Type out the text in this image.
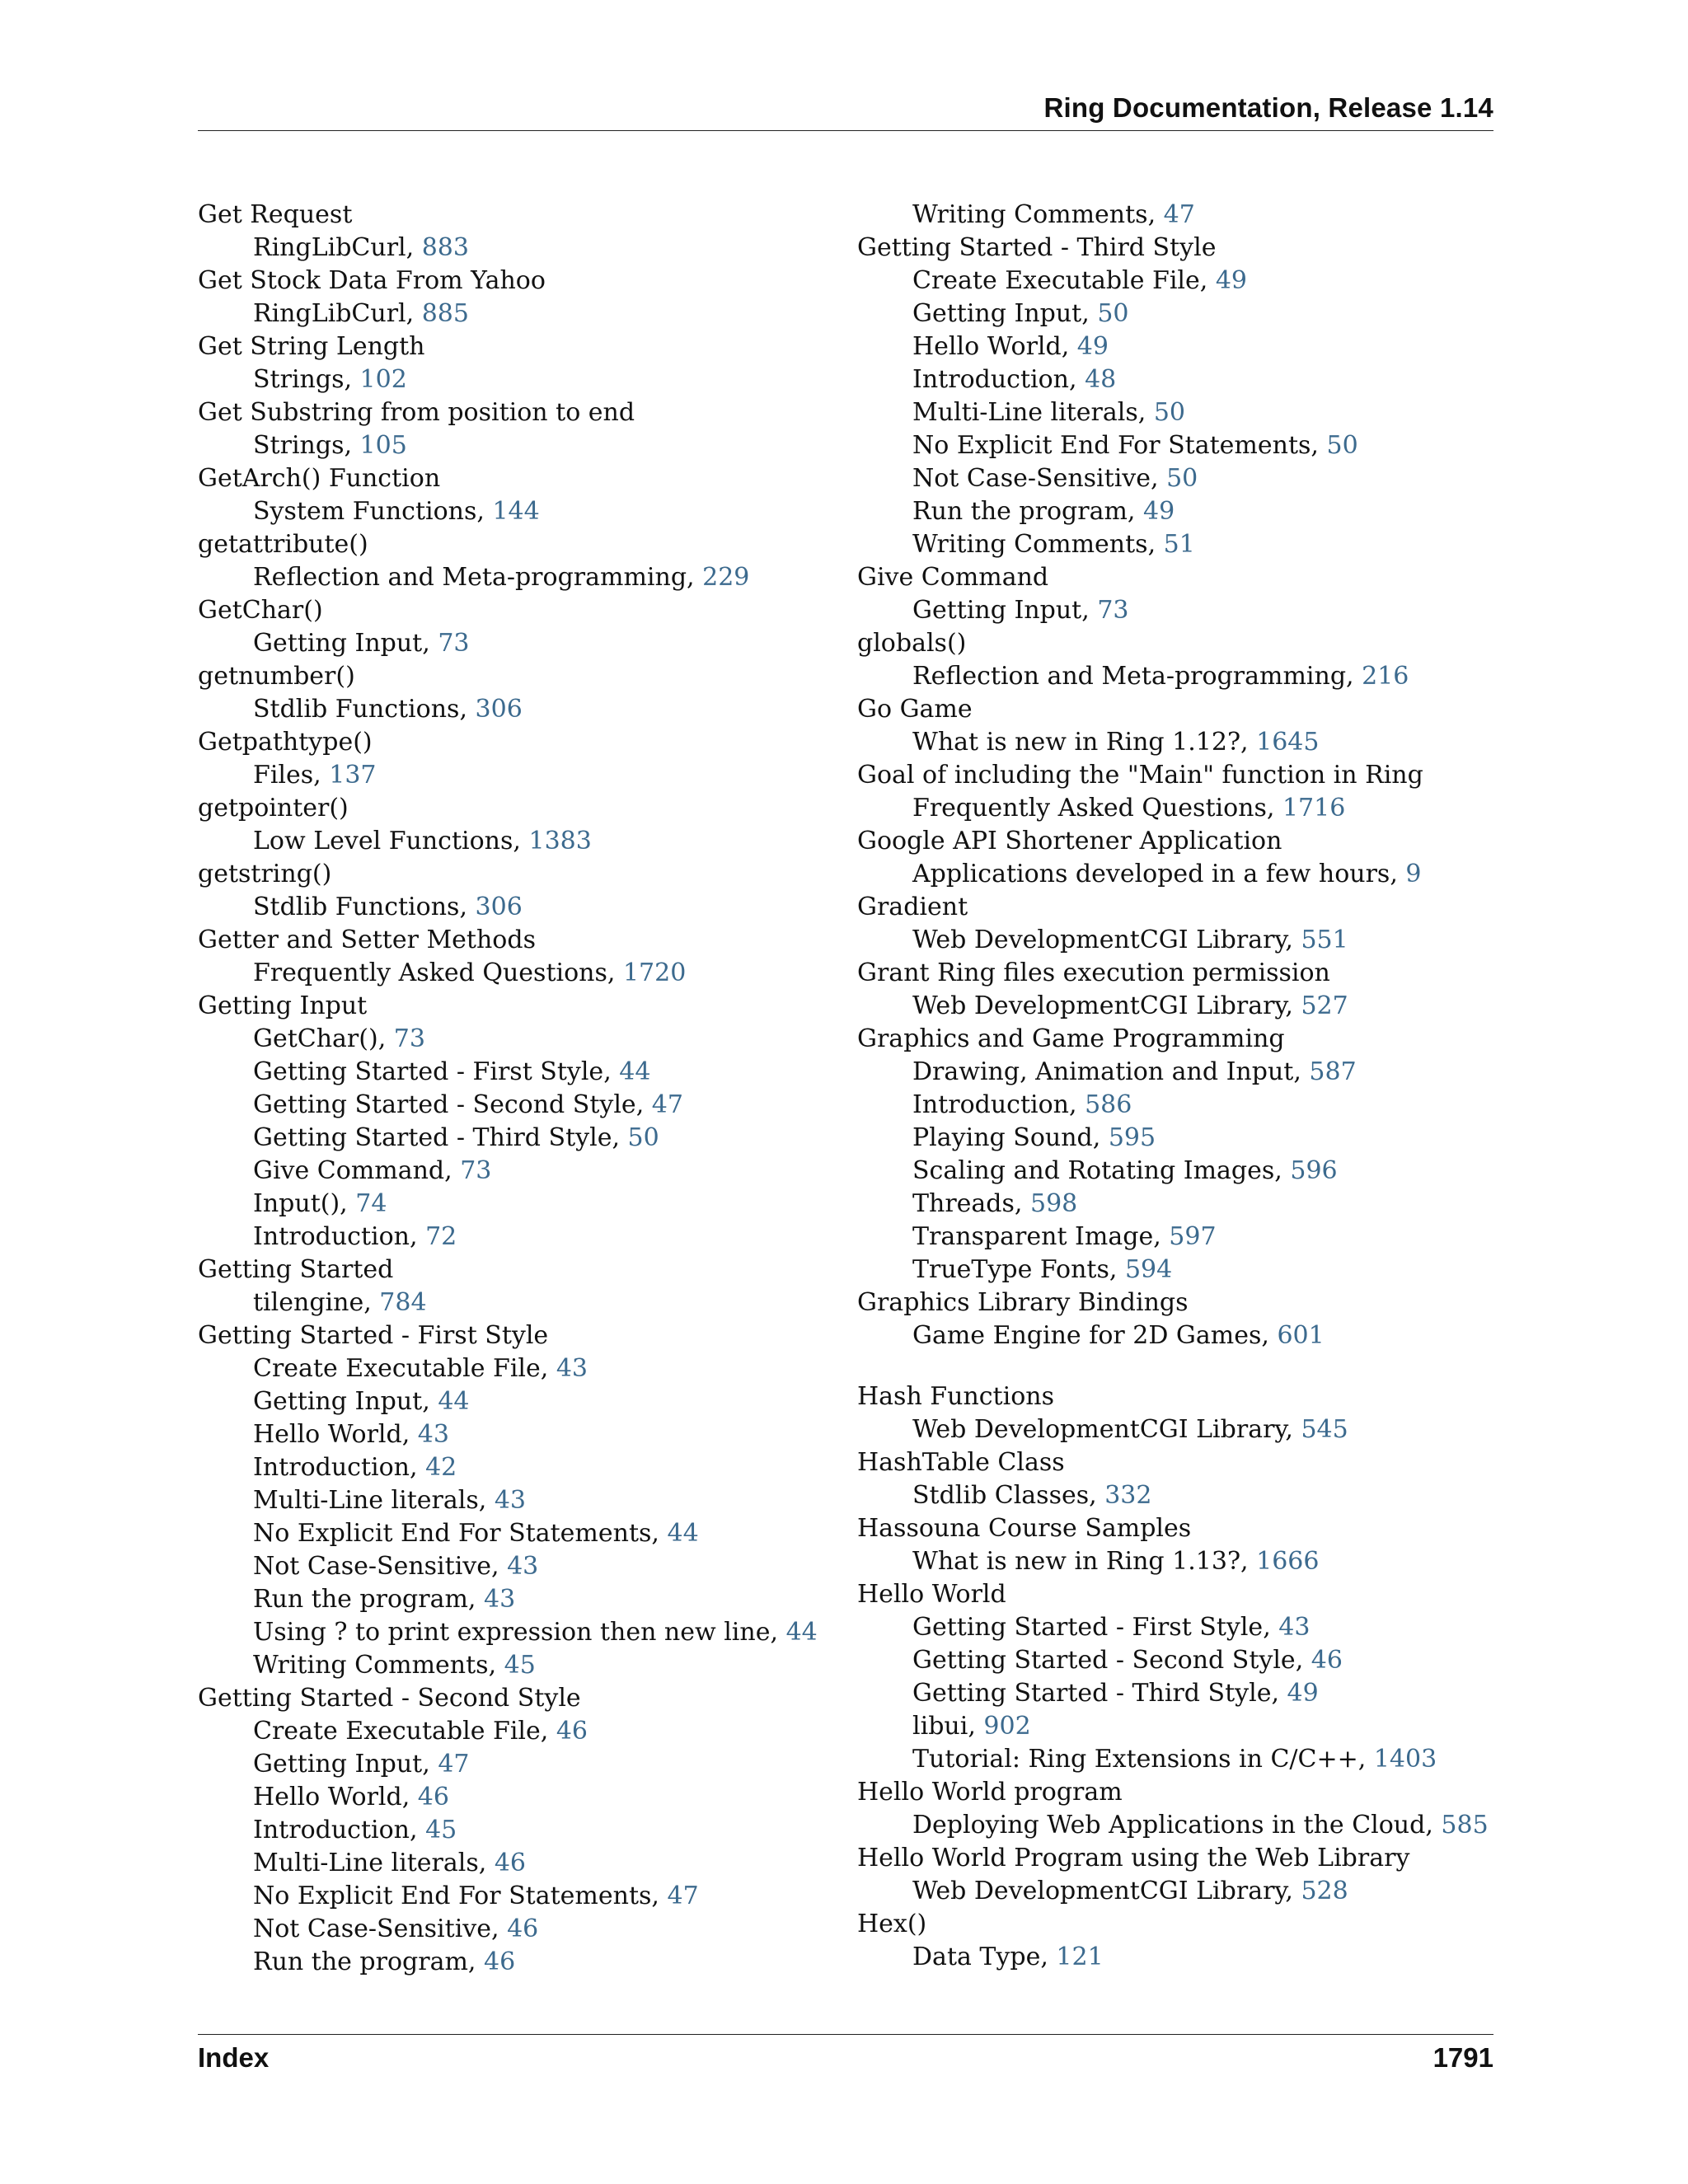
Ring Documentation, Release 1.14
Get Request
RingLibCurl, 883
Get Stock Data From Yahoo
RingLibCurl, 885
Get String Length
Strings, 102
Get Substring from position to end
Strings, 105
GetArch() Function
System Functions, 144
getattribute()
Reflection and Meta-programming, 229
GetChar()
Getting Input, 73
getnumber()
Stdlib Functions, 306
Getpathtype()
Files, 137
getpointer()
Low Level Functions, 1383
getstring()
Stdlib Functions, 306
Getter and Setter Methods
Frequently Asked Questions, 1720
Getting Input
GetChar(), 73
Getting Started - First Style, 44
Getting Started - Second Style, 47
Getting Started - Third Style, 50
Give Command, 73
Input(), 74
Introduction, 72
Getting Started
tilengine, 784
Getting Started - First Style
Create Executable File, 43
Getting Input, 44
Hello World, 43
Introduction, 42
Multi-Line literals, 43
No Explicit End For Statements, 44
Not Case-Sensitive, 43
Run the program, 43
Using ? to print expression then new line, 44
Writing Comments, 45
Getting Started - Second Style
Create Executable File, 46
Getting Input, 47
Hello World, 46
Introduction, 45
Multi-Line literals, 46
No Explicit End For Statements, 47
Not Case-Sensitive, 46
Run the program, 46
Writing Comments, 47
Getting Started - Third Style
Create Executable File, 49
Getting Input, 50
Hello World, 49
Introduction, 48
Multi-Line literals, 50
No Explicit End For Statements, 50
Not Case-Sensitive, 50
Run the program, 49
Writing Comments, 51
Give Command
Getting Input, 73
globals()
Reflection and Meta-programming, 216
Go Game
What is new in Ring 1.12?, 1645
Goal of including the "Main" function in Ring
Frequently Asked Questions, 1716
Google API Shortener Application
Applications developed in a few hours, 9
Gradient
Web DevelopmentCGI Library, 551
Grant Ring files execution permission
Web DevelopmentCGI Library, 527
Graphics and Game Programming
Drawing, Animation and Input, 587
Introduction, 586
Playing Sound, 595
Scaling and Rotating Images, 596
Threads, 598
Transparent Image, 597
TrueType Fonts, 594
Graphics Library Bindings
Game Engine for 2D Games, 601
Hash Functions
Web DevelopmentCGI Library, 545
HashTable Class
Stdlib Classes, 332
Hassouna Course Samples
What is new in Ring 1.13?, 1666
Hello World
Getting Started - First Style, 43
Getting Started - Second Style, 46
Getting Started - Third Style, 49
libui, 902
Tutorial: Ring Extensions in C/C++, 1403
Hello World program
Deploying Web Applications in the Cloud, 585
Hello World Program using the Web Library
Web DevelopmentCGI Library, 528
Hex()
Data Type, 121
Index	1791
